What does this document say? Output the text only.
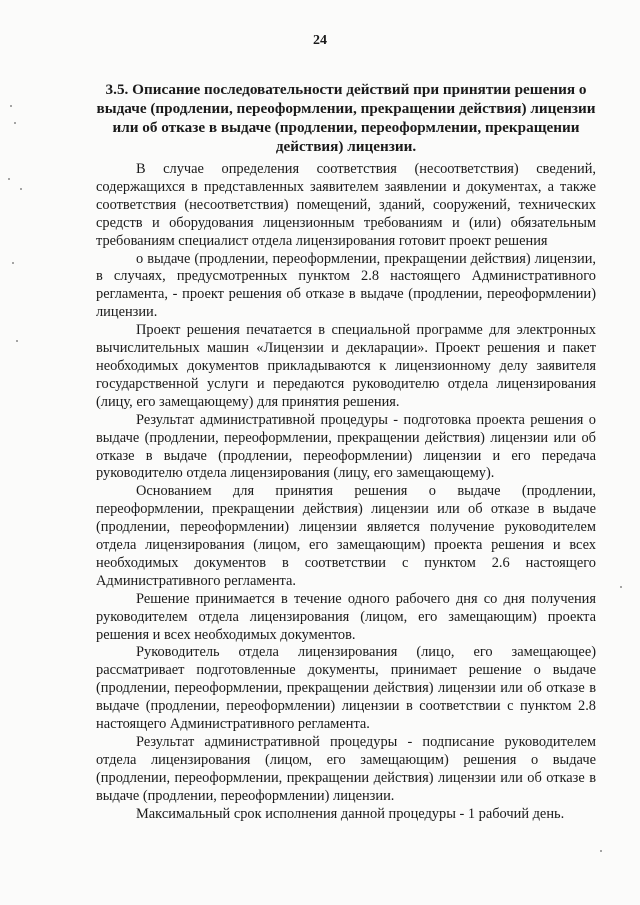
24
3.5. Описание последовательности действий при принятии решения о выдаче (продлении, переоформлении, прекращении действия) лицензии или об отказе в выдаче (продлении, переоформлении, прекращении действия) лицензии.

В случае определения соответствия (несоответствия) сведений, содержащихся в представленных заявителем заявлении и документах, а также соответствия (несоответствия) помещений, зданий, сооружений, технических средств и оборудования лицензионным требованиям и (или) обязательным требованиям специалист отдела лицензирования готовит проект решения

о выдаче (продлении, переоформлении, прекращении действия) лицензии, в случаях, предусмотренных пунктом 2.8 настоящего Административного регламента, - проект решения об отказе в выдаче (продлении, переоформлении) лицензии.

Проект решения печатается в специальной программе для электронных вычислительных машин «Лицензии и декларации». Проект решения и пакет необходимых документов прикладываются к лицензионному делу заявителя государственной услуги и передаются руководителю отдела лицензирования (лицу, его замещающему) для принятия решения.

Результат административной процедуры - подготовка проекта решения о выдаче (продлении, переоформлении, прекращении действия) лицензии или об отказе в выдаче (продлении, переоформлении) лицензии и его передача руководителю отдела лицензирования (лицу, его замещающему).

Основанием для принятия решения о выдаче (продлении, переоформлении, прекращении действия) лицензии или об отказе в выдаче (продлении, переоформлении) лицензии является получение руководителем отдела лицензирования (лицом, его замещающим) проекта решения и всех необходимых документов в соответствии с пунктом 2.6 настоящего Административного регламента.

Решение принимается в течение одного рабочего дня со дня получения руководителем отдела лицензирования (лицом, его замещающим) проекта решения и всех необходимых документов.

Руководитель отдела лицензирования (лицо, его замещающее) рассматривает подготовленные документы, принимает решение о выдаче (продлении, переоформлении, прекращении действия) лицензии или об отказе в выдаче (продлении, переоформлении) лицензии в соответствии с пунктом 2.8 настоящего Административного регламента.

Результат административной процедуры - подписание руководителем отдела лицензирования (лицом, его замещающим) решения о выдаче (продлении, переоформлении, прекращении действия) лицензии или об отказе в выдаче (продлении, переоформлении) лицензии.

Максимальный срок исполнения данной процедуры - 1 рабочий день.
